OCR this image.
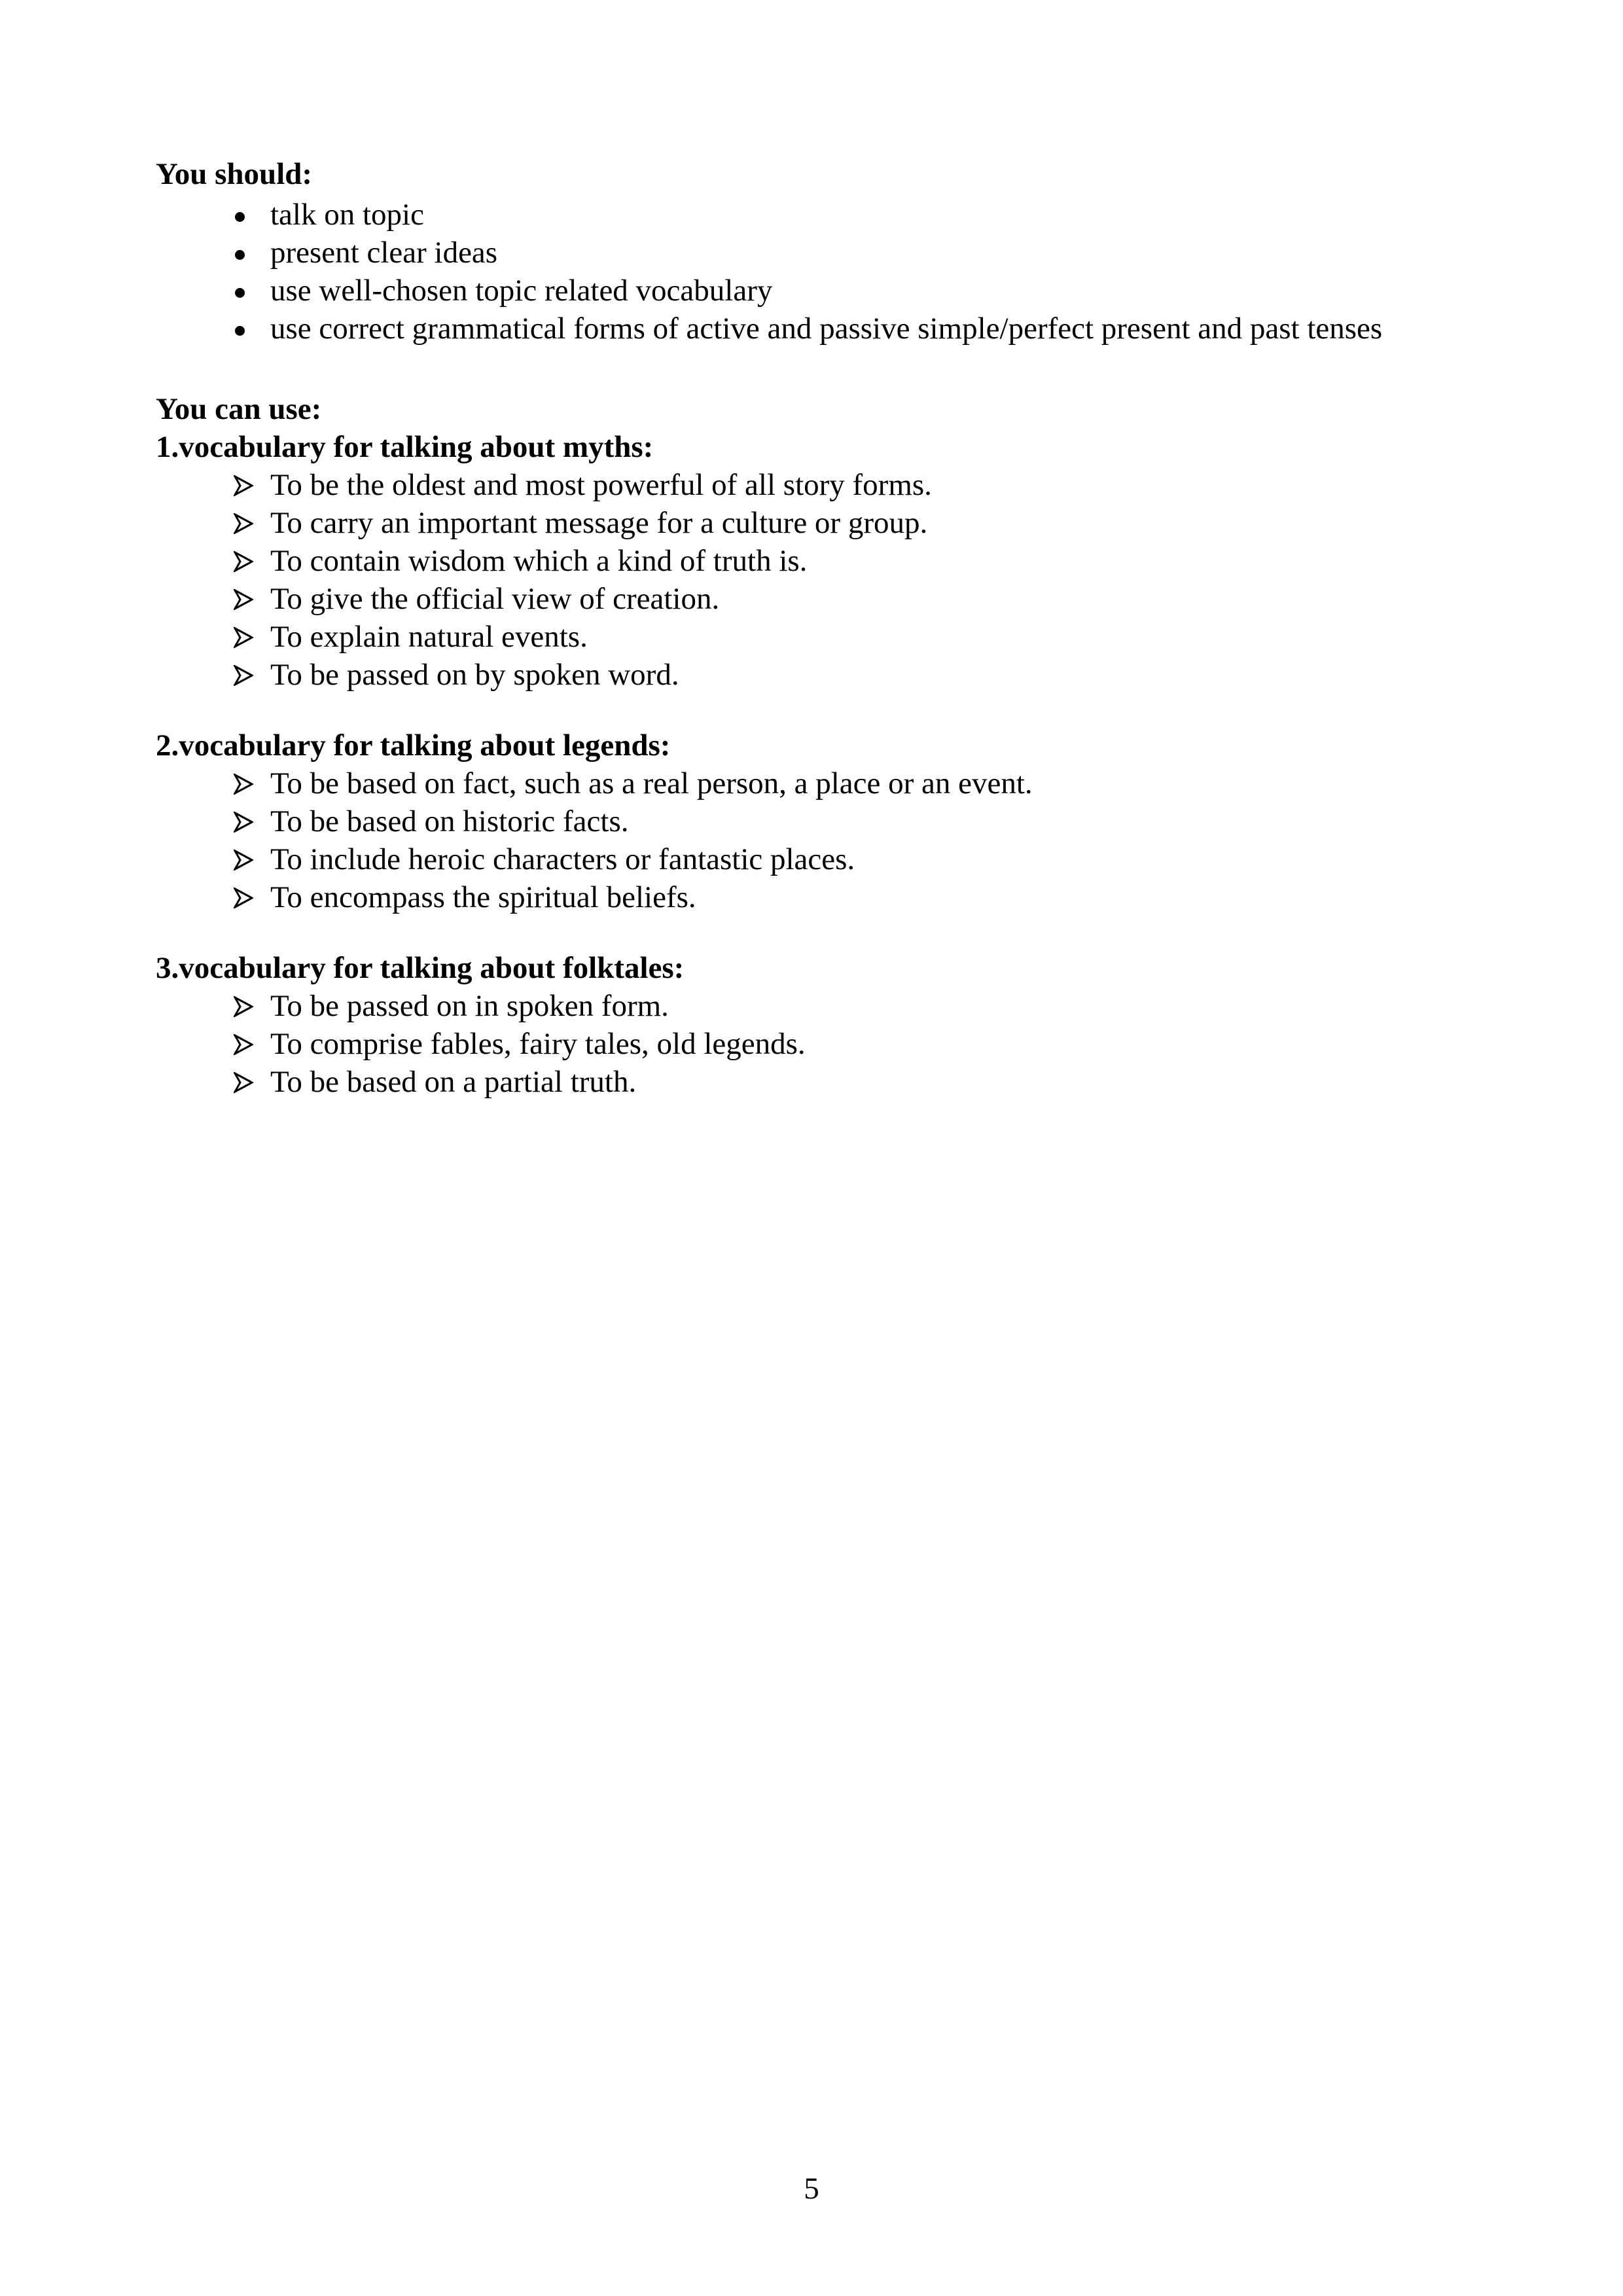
You should:
talk on topic
present clear ideas
use well-chosen topic related vocabulary
use correct grammatical forms of active and passive simple/perfect present and past tenses
You can use:
1.vocabulary for talking about myths:
To be the oldest and most powerful of all story forms.
To carry an important message for a culture or group.
To contain wisdom which a kind of truth is.
To give the official view of creation.
To explain natural events.
To be passed on by spoken word.
2.vocabulary for talking about legends:
To be based on fact, such as a real person, a place or an event.
To be based on historic facts.
To include heroic characters or fantastic places.
To encompass the spiritual beliefs.
3.vocabulary for talking about folktales:
To be passed on in spoken form.
To comprise fables, fairy tales, old legends.
To be based on a partial truth.
5
